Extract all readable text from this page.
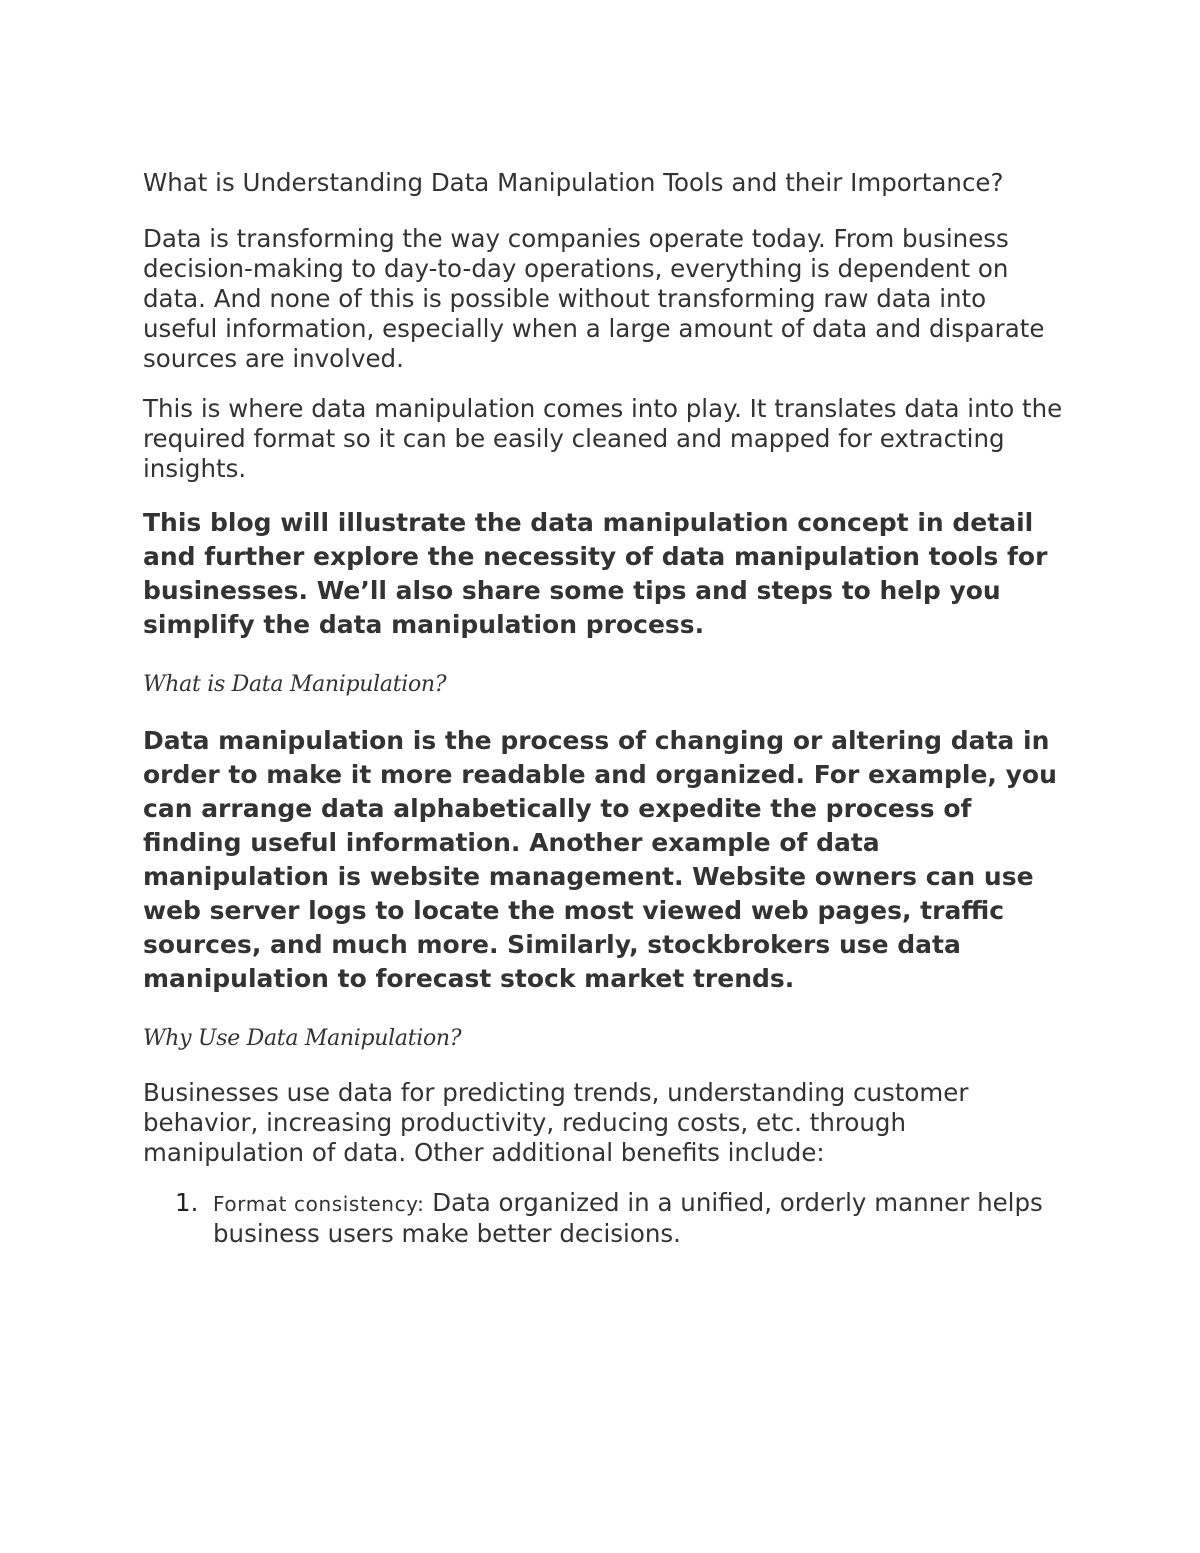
What is Understanding Data Manipulation Tools and their Importance?

Data is transforming the way companies operate today. From business decision-making to day-to-day operations, everything is dependent on data. And none of this is possible without transforming raw data into useful information, especially when a large amount of data and disparate sources are involved.

This is where data manipulation comes into play. It translates data into the required format so it can be easily cleaned and mapped for extracting insights.

This blog will illustrate the data manipulation concept in detail and further explore the necessity of data manipulation tools for businesses. We’ll also share some tips and steps to help you simplify the data manipulation process.

What is Data Manipulation?

Data manipulation is the process of changing or altering data in order to make it more readable and organized. For example, you can arrange data alphabetically to expedite the process of finding useful information. Another example of data manipulation is website management. Website owners can use web server logs to locate the most viewed web pages, traffic sources, and much more. Similarly, stockbrokers use data manipulation to forecast stock market trends.

Why Use Data Manipulation?

Businesses use data for predicting trends, understanding customer behavior, increasing productivity, reducing costs, etc. through manipulation of data. Other additional benefits include:

1. Format consistency: Data organized in a unified, orderly manner helps business users make better decisions.
